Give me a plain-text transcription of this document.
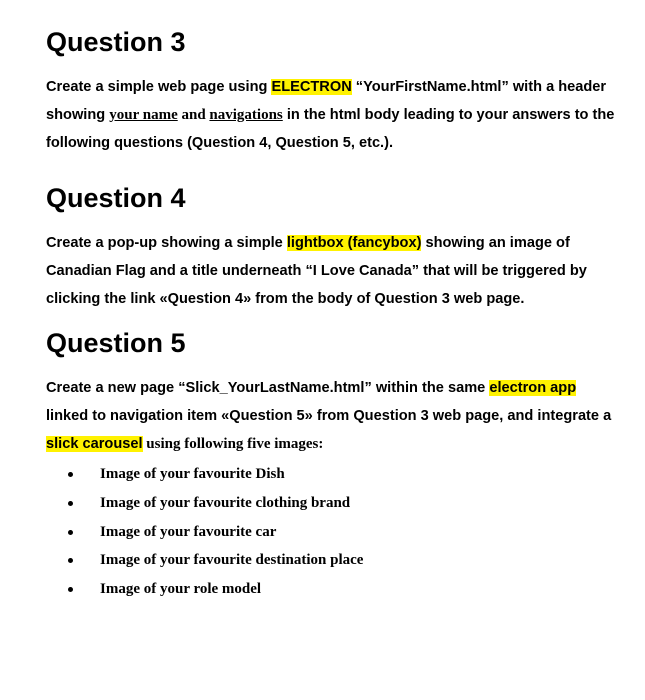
Question 3

Create a simple web page using ELECTRON “YourFirstName.html” with a header showing your name and navigations in the html body leading to your answers to the following questions (Question 4, Question 5, etc.).

Question 4

Create a pop-up showing a simple lightbox (fancybox) showing an image of Canadian Flag and a title underneath “I Love Canada” that will be triggered by clicking the link «Question 4» from the body of Question 3 web page.

Question 5

Create a new page “Slick_YourLastName.html” within the same electron app linked to navigation item «Question 5» from Question 3 web page, and integrate a slick carousel using following five images:

Image of your favourite Dish
Image of your favourite clothing brand
Image of your favourite car
Image of your favourite destination place
Image of your role model
